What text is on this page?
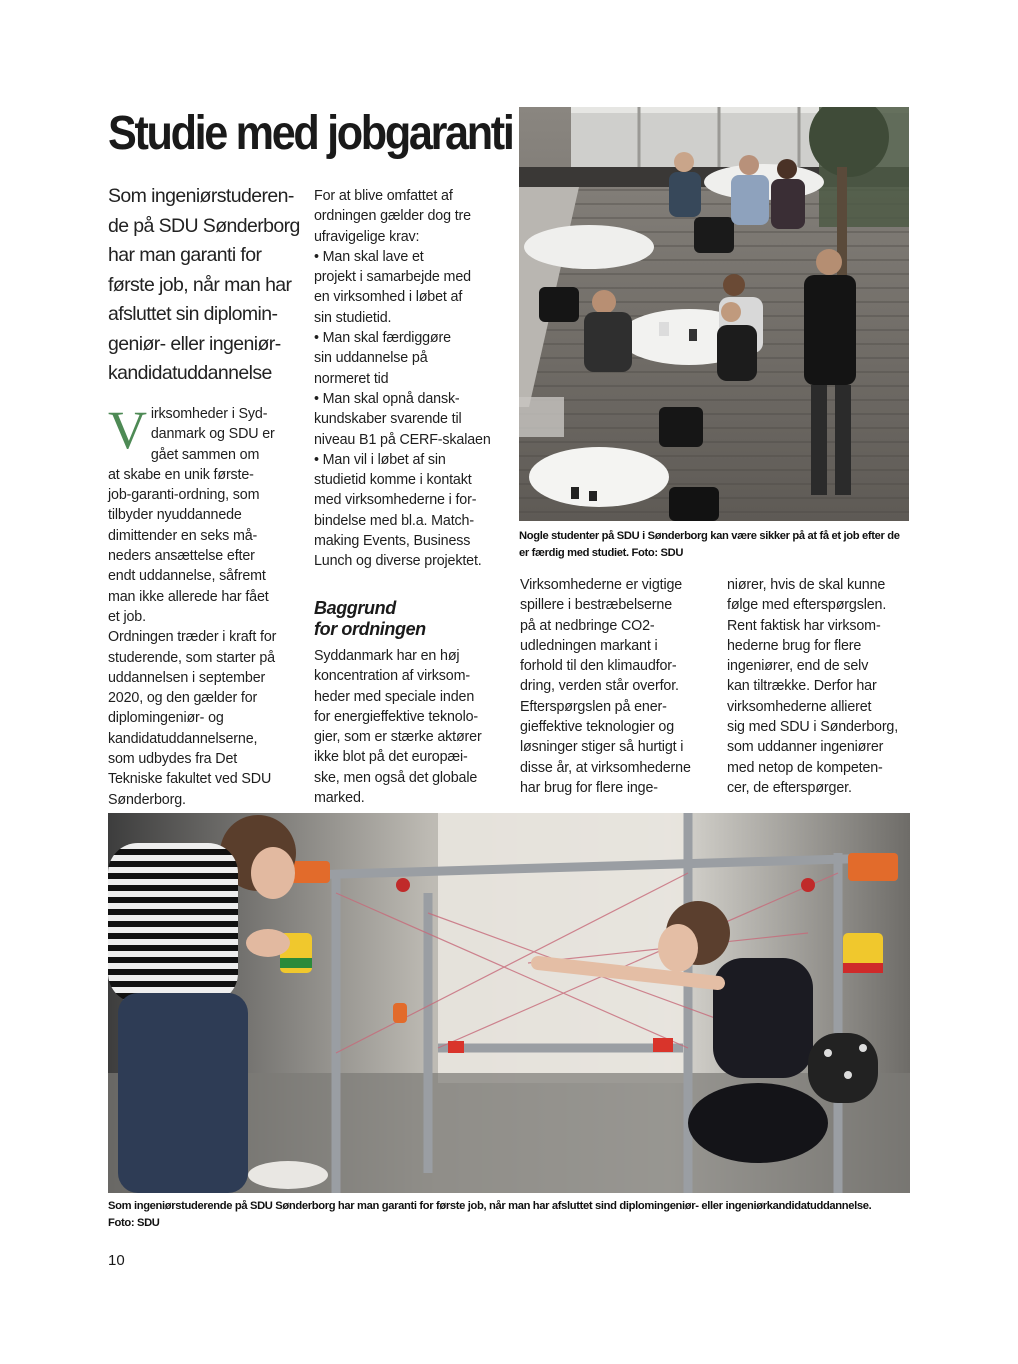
Studie med jobgaranti
Som ingeniørstuderen-
de på SDU Sønderborg
har man garanti for
første job, når man har
afsluttet sin diplomin-
geniør- eller ingeniør-
kandidatuddannelse
V irksomheder i Syd-
danmark og SDU er
gået sammen om
at skabe en unik første-
job-garanti-ordning, som
tilbyder nyuddannede
dimittender en seks må-
neders ansættelse efter
endt uddannelse, såfremt
man ikke allerede har fået
et job.
Ordningen træder i kraft for
studerende, som starter på
uddannelsen i september
2020, og den gælder for
diplomingeniør- og
kandidatuddannelserne,
som udbydes fra Det
Tekniske fakultet ved SDU
Sønderborg.
For at blive omfattet af
ordningen gælder dog tre
ufravigelige krav:
• Man skal lave et
projekt i samarbejde med
en virksomhed i løbet af
sin studietid.
• Man skal færdiggøre
sin uddannelse på
normeret tid
• Man skal opnå dansk-
kundskaber svarende til
niveau B1 på CERF-skalaen
• Man vil i løbet af sin
studietid komme i kontakt
med virksomhederne i for-
bindelse med bl.a. Match-
making Events, Business
Lunch og diverse projektet.
Baggrund
for ordningen
Syddanmark har en høj
koncentration af virksom-
heder med speciale inden
for energieffektive teknolo-
gier, som er stærke aktører
ikke blot på det europæi-
ske, men også det globale
marked.
Nogle studenter på SDU i Sønderborg kan være sikker på at få et job efter de
er færdig med studiet. Foto: SDU
Virksomhederne er vigtige
spillere i bestræbelserne
på at nedbringe CO2-
udledningen markant i
forhold til den klimaudfor-
dring, verden står overfor.
Efterspørgslen på ener-
gieffektive teknologier og
løsninger stiger så hurtigt i
disse år, at virksomhederne
har brug for flere inge-
niører, hvis de skal kunne
følge med efterspørgslen.
Rent faktisk har virksom-
hederne brug for flere
ingeniører, end de selv
kan tiltrække. Derfor har
virksomhederne allieret
sig med SDU i Sønderborg,
som uddanner ingeniører
med netop de kompeten-
cer, de efterspørger.
Som ingeniørstuderende på SDU Sønderborg har man garanti for første job, når man har afsluttet sind diplomingeniør- eller ingeniørkandidatuddannelse.
Foto: SDU
10
